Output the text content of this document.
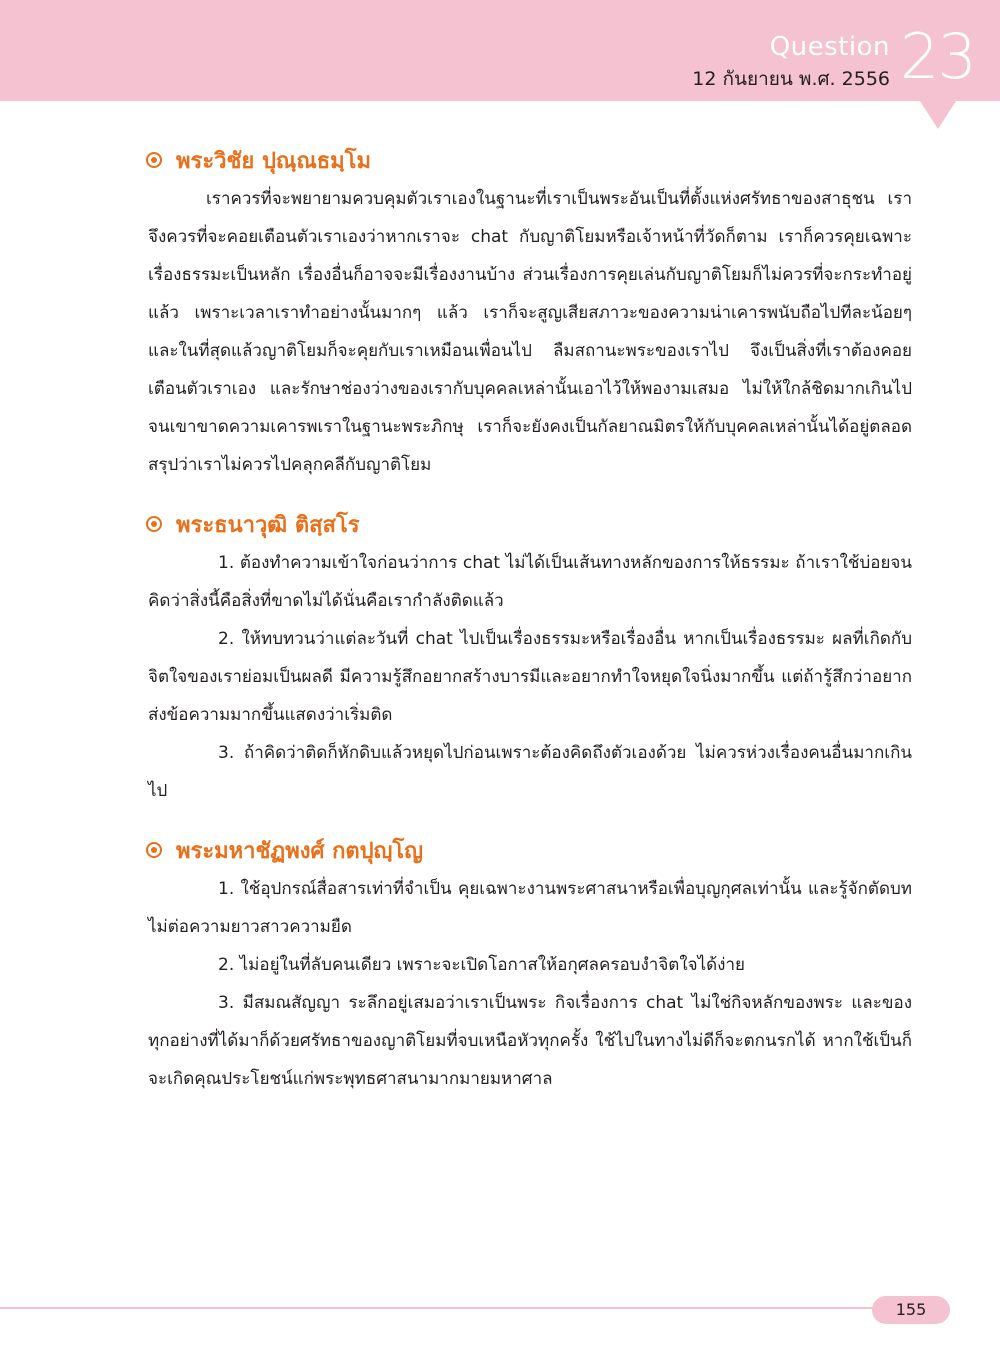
Question
12 กันยายน พ.ศ. 2556 23
พระวิชัย ปุณฺณธมฺโม

เราควรที่จะพยายามควบคุมตัวเราเองในฐานะที่เราเป็นพระอันเป็นที่ตั้งแห่งศรัทธาของสาธุชน เราจึงควรที่จะคอยเตือนตัวเราเองว่าหากเราจะ chat กับญาติโยมหรือเจ้าหน้าที่วัดก็ตาม เราก็ควรคุยเฉพาะเรื่องธรรมะเป็นหลัก เรื่องอื่นก็อาจจะมีเรื่องงานบ้าง ส่วนเรื่องการคุยเล่นกับญาติโยมก็ไม่ควรที่จะกระทำอยู่แล้ว เพราะเวลาเราทำอย่างนั้นมากๆ แล้ว เราก็จะสูญเสียสภาวะของความน่าเคารพนับถือไปทีละน้อยๆ และในที่สุดแล้วญาติโยมก็จะคุยกับเราเหมือนเพื่อนไป ลืมสถานะพระของเราไป จึงเป็นสิ่งที่เราต้องคอยเตือนตัวเราเอง และรักษาช่องว่างของเรากับบุคคลเหล่านั้นเอาไว้ให้พองามเสมอ ไม่ให้ใกล้ชิดมากเกินไปจนเขาขาดความเคารพเราในฐานะพระภิกษุ เราก็จะยังคงเป็นกัลยาณมิตรให้กับบุคคลเหล่านั้นได้อยู่ตลอด สรุปว่าเราไม่ควรไปคลุกคลีกับญาติโยม

พระธนาวุฒิ ติสฺสโร

1. ต้องทำความเข้าใจก่อนว่าการ chat ไม่ได้เป็นเส้นทางหลักของการให้ธรรมะ ถ้าเราใช้บ่อยจนคิดว่าสิ่งนี้คือสิ่งที่ขาดไม่ได้นั่นคือเรากำลังติดแล้ว

2. ให้ทบทวนว่าแต่ละวันที่ chat ไปเป็นเรื่องธรรมะหรือเรื่องอื่น หากเป็นเรื่องธรรมะ ผลที่เกิดกับจิตใจของเราย่อมเป็นผลดี มีความรู้สึกอยากสร้างบารมีและอยากทำใจหยุดใจนิ่งมากขึ้น แต่ถ้ารู้สึกว่าอยากส่งข้อความมากขึ้นแสดงว่าเริ่มติด

3. ถ้าคิดว่าติดก็หักดิบแล้วหยุดไปก่อนเพราะต้องคิดถึงตัวเองด้วย ไม่ควรห่วงเรื่องคนอื่นมากเกินไป

พระมหาชัฏพงศ์ กตปุญฺโญ

1. ใช้อุปกรณ์สื่อสารเท่าที่จำเป็น คุยเฉพาะงานพระศาสนาหรือเพื่อบุญกุศลเท่านั้น และรู้จักตัดบทไม่ต่อความยาวสาวความยืด

2. ไม่อยู่ในที่ลับคนเดียว เพราะจะเปิดโอกาสให้อกุศลครอบงำจิตใจได้ง่าย

3. มีสมณสัญญา ระลึกอยู่เสมอว่าเราเป็นพระ กิจเรื่องการ chat ไม่ใช่กิจหลักของพระ และของทุกอย่างที่ได้มาก็ด้วยศรัทธาของญาติโยมที่จบเหนือหัวทุกครั้ง ใช้ไปในทางไม่ดีก็จะตกนรกได้ หากใช้เป็นก็จะเกิดคุณประโยชน์แก่พระพุทธศาสนามากมายมหาศาล

155
